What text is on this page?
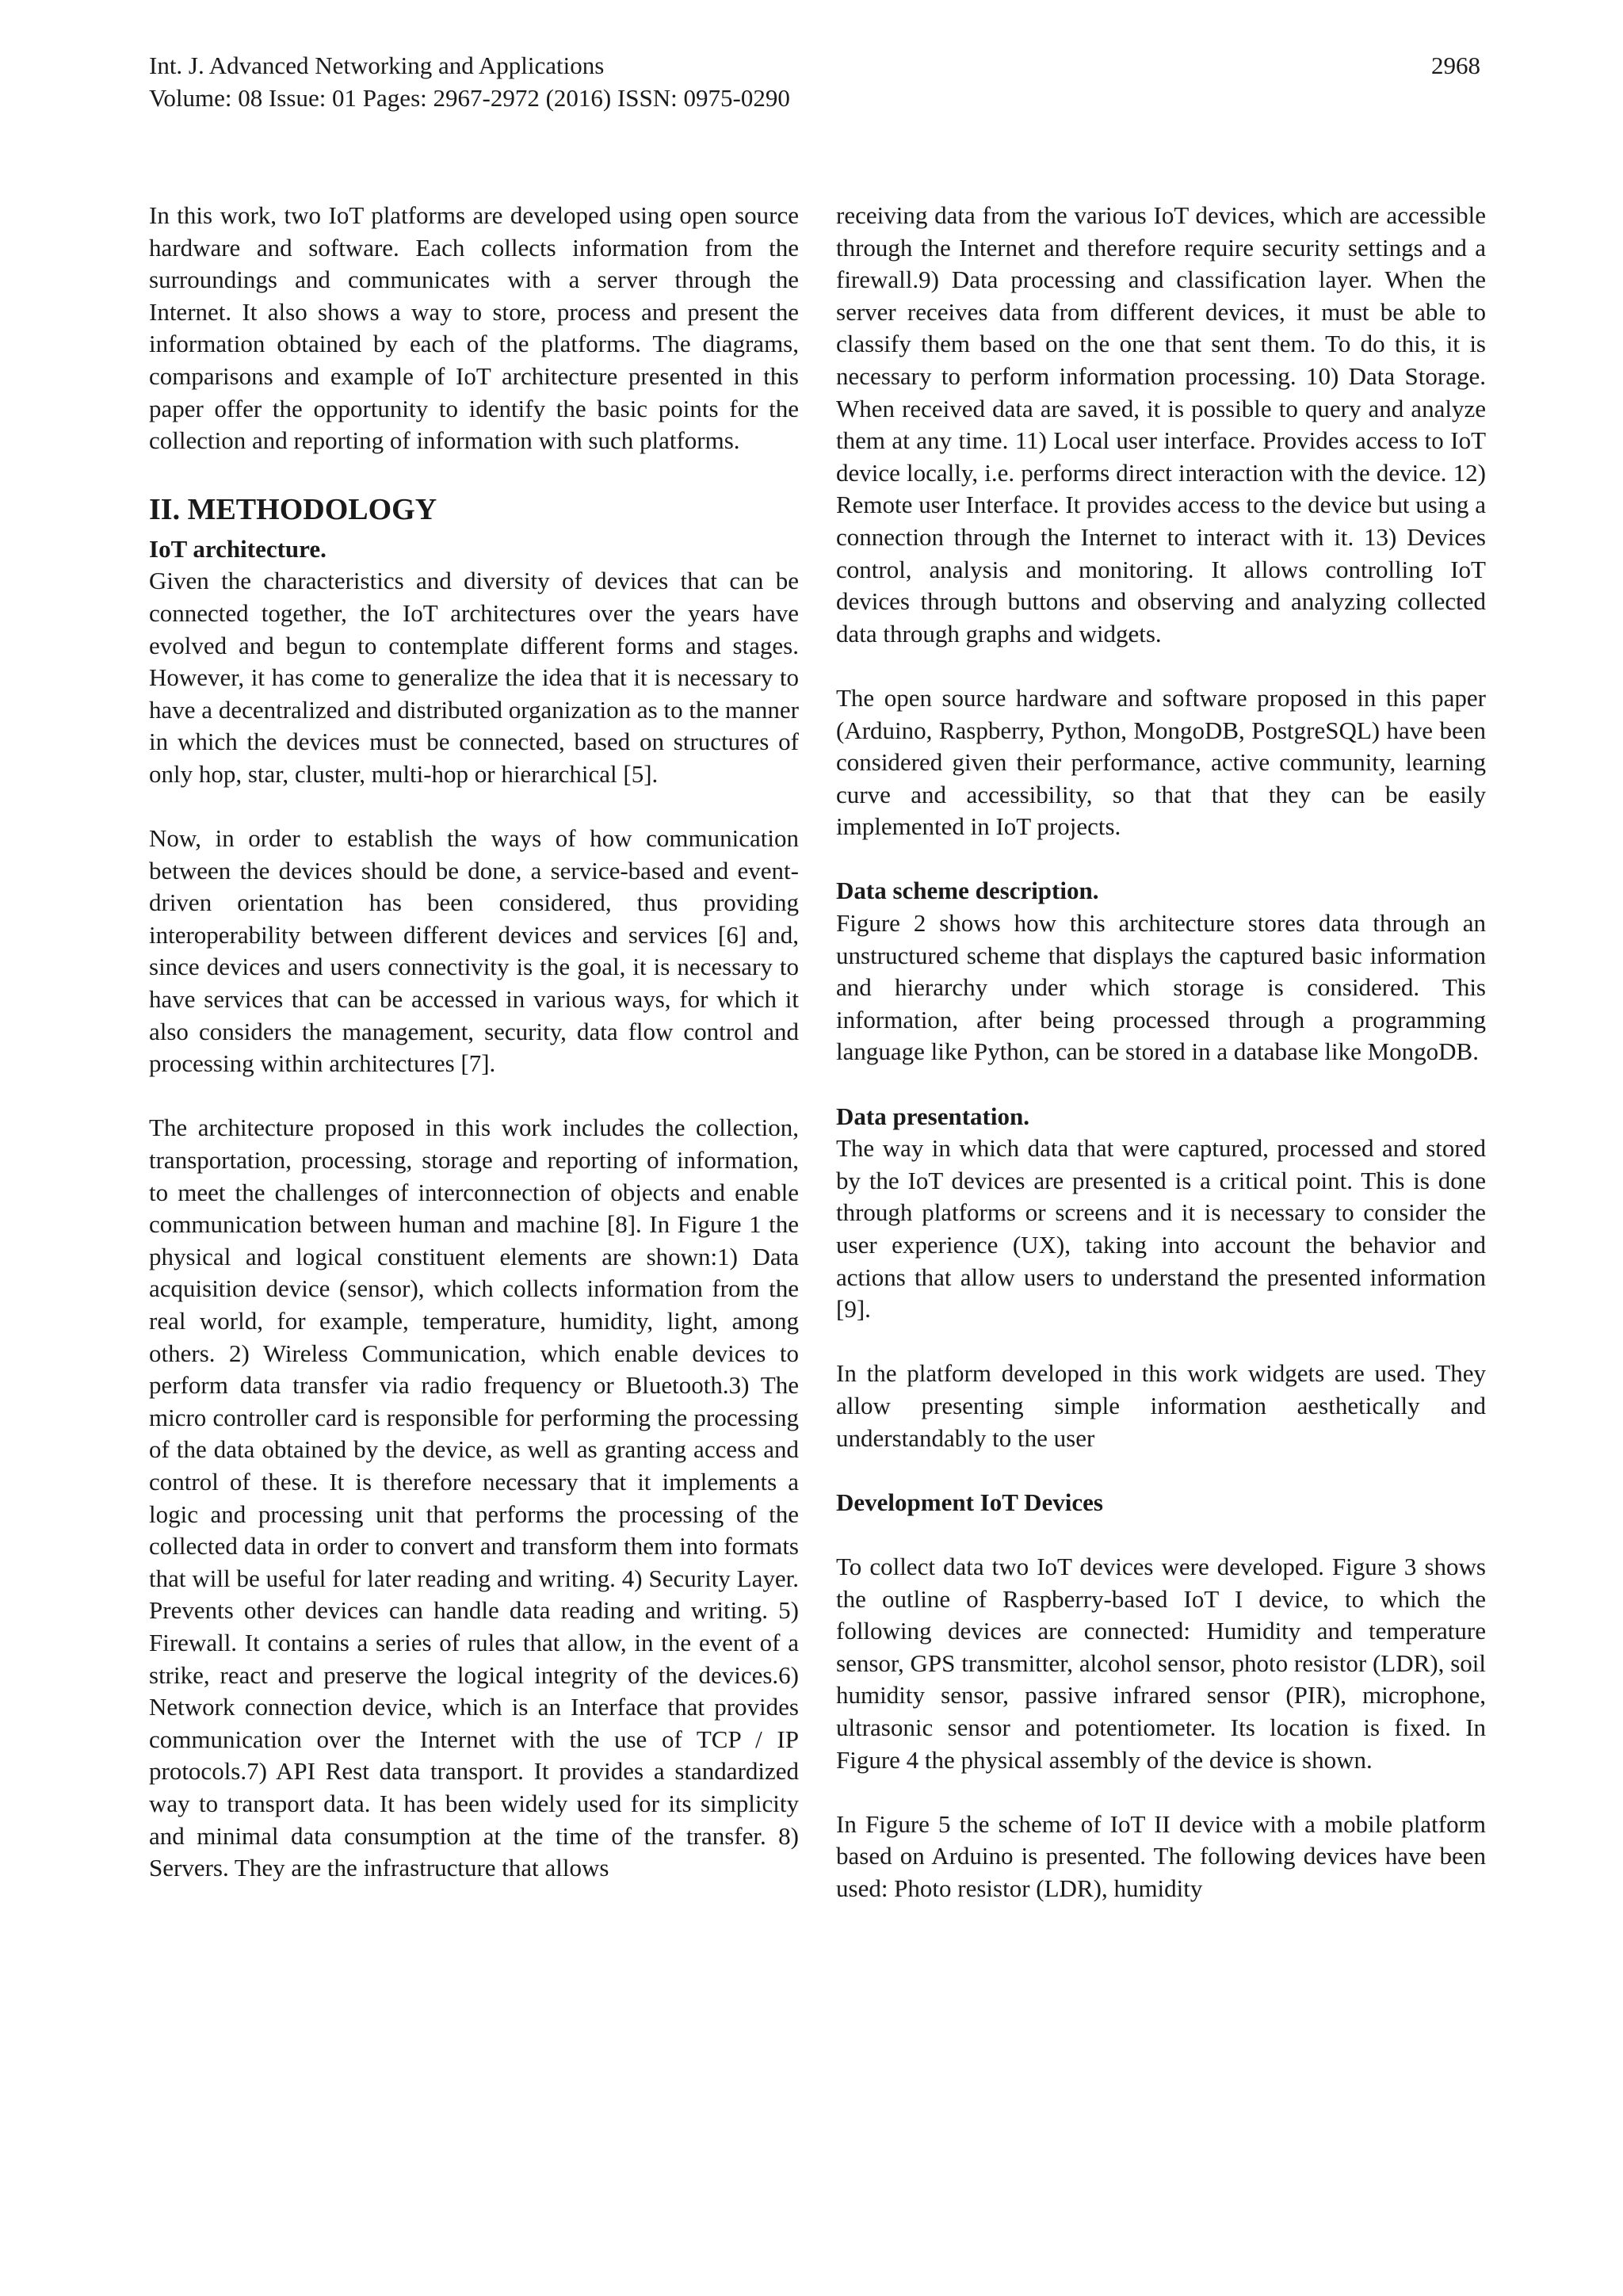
Int. J. Advanced Networking and Applications
Volume: 08 Issue: 01 Pages: 2967-2972 (2016) ISSN: 0975-0290
2968

In this work, two IoT platforms are developed using open source hardware and software. Each collects information from the surroundings and communicates with a server through the Internet. It also shows a way to store, process and present the information obtained by each of the platforms. The diagrams, comparisons and example of IoT architecture presented in this paper offer the opportunity to identify the basic points for the collection and reporting of information with such platforms.

II. METHODOLOGY

IoT architecture.

Given the characteristics and diversity of devices that can be connected together, the IoT architectures over the years have evolved and begun to contemplate different forms and stages. However, it has come to generalize the idea that it is necessary to have a decentralized and distributed organization as to the manner in which the devices must be connected, based on structures of only hop, star, cluster, multi-hop or hierarchical [5].

Now, in order to establish the ways of how communication between the devices should be done, a service-based and event-driven orientation has been considered, thus providing interoperability between different devices and services [6] and, since devices and users connectivity is the goal, it is necessary to have services that can be accessed in various ways, for which it also considers the management, security, data flow control and processing within architectures [7].

The architecture proposed in this work includes the collection, transportation, processing, storage and reporting of information, to meet the challenges of interconnection of objects and enable communication between human and machine [8]. In Figure 1 the physical and logical constituent elements are shown:1) Data acquisition device (sensor), which collects information from the real world, for example, temperature, humidity, light, among others. 2) Wireless Communication, which enable devices to perform data transfer via radio frequency or Bluetooth.3) The micro controller card is responsible for performing the processing of the data obtained by the device, as well as granting access and control of these. It is therefore necessary that it implements a logic and processing unit that performs the processing of the collected data in order to convert and transform them into formats that will be useful for later reading and writing. 4) Security Layer. Prevents other devices can handle data reading and writing. 5) Firewall. It contains a series of rules that allow, in the event of a strike, react and preserve the logical integrity of the devices.6) Network connection device, which is an Interface that provides communication over the Internet with the use of TCP / IP protocols.7) API Rest data transport. It provides a standardized way to transport data. It has been widely used for its simplicity and minimal data consumption at the time of the transfer. 8) Servers. They are the infrastructure that allows

receiving data from the various IoT devices, which are accessible through the Internet and therefore require security settings and a firewall.9) Data processing and classification layer. When the server receives data from different devices, it must be able to classify them based on the one that sent them. To do this, it is necessary to perform information processing. 10) Data Storage. When received data are saved, it is possible to query and analyze them at any time. 11) Local user interface. Provides access to IoT device locally, i.e. performs direct interaction with the device. 12) Remote user Interface. It provides access to the device but using a connection through the Internet to interact with it. 13) Devices control, analysis and monitoring. It allows controlling IoT devices through buttons and observing and analyzing collected data through graphs and widgets.

The open source hardware and software proposed in this paper (Arduino, Raspberry, Python, MongoDB, PostgreSQL) have been considered given their performance, active community, learning curve and accessibility, so that that they can be easily implemented in IoT projects.

Data scheme description.

Figure 2 shows how this architecture stores data through an unstructured scheme that displays the captured basic information and hierarchy under which storage is considered. This information, after being processed through a programming language like Python, can be stored in a database like MongoDB.

Data presentation.

The way in which data that were captured, processed and stored by the IoT devices are presented is a critical point. This is done through platforms or screens and it is necessary to consider the user experience (UX), taking into account the behavior and actions that allow users to understand the presented information [9].

In the platform developed in this work widgets are used. They allow presenting simple information aesthetically and understandably to the user

Development IoT Devices

To collect data two IoT devices were developed. Figure 3 shows the outline of Raspberry-based IoT I device, to which the following devices are connected: Humidity and temperature sensor, GPS transmitter, alcohol sensor, photo resistor (LDR), soil humidity sensor, passive infrared sensor (PIR), microphone, ultrasonic sensor and potentiometer. Its location is fixed. In Figure 4 the physical assembly of the device is shown.

In Figure 5 the scheme of IoT II device with a mobile platform based on Arduino is presented. The following devices have been used: Photo resistor (LDR), humidity
